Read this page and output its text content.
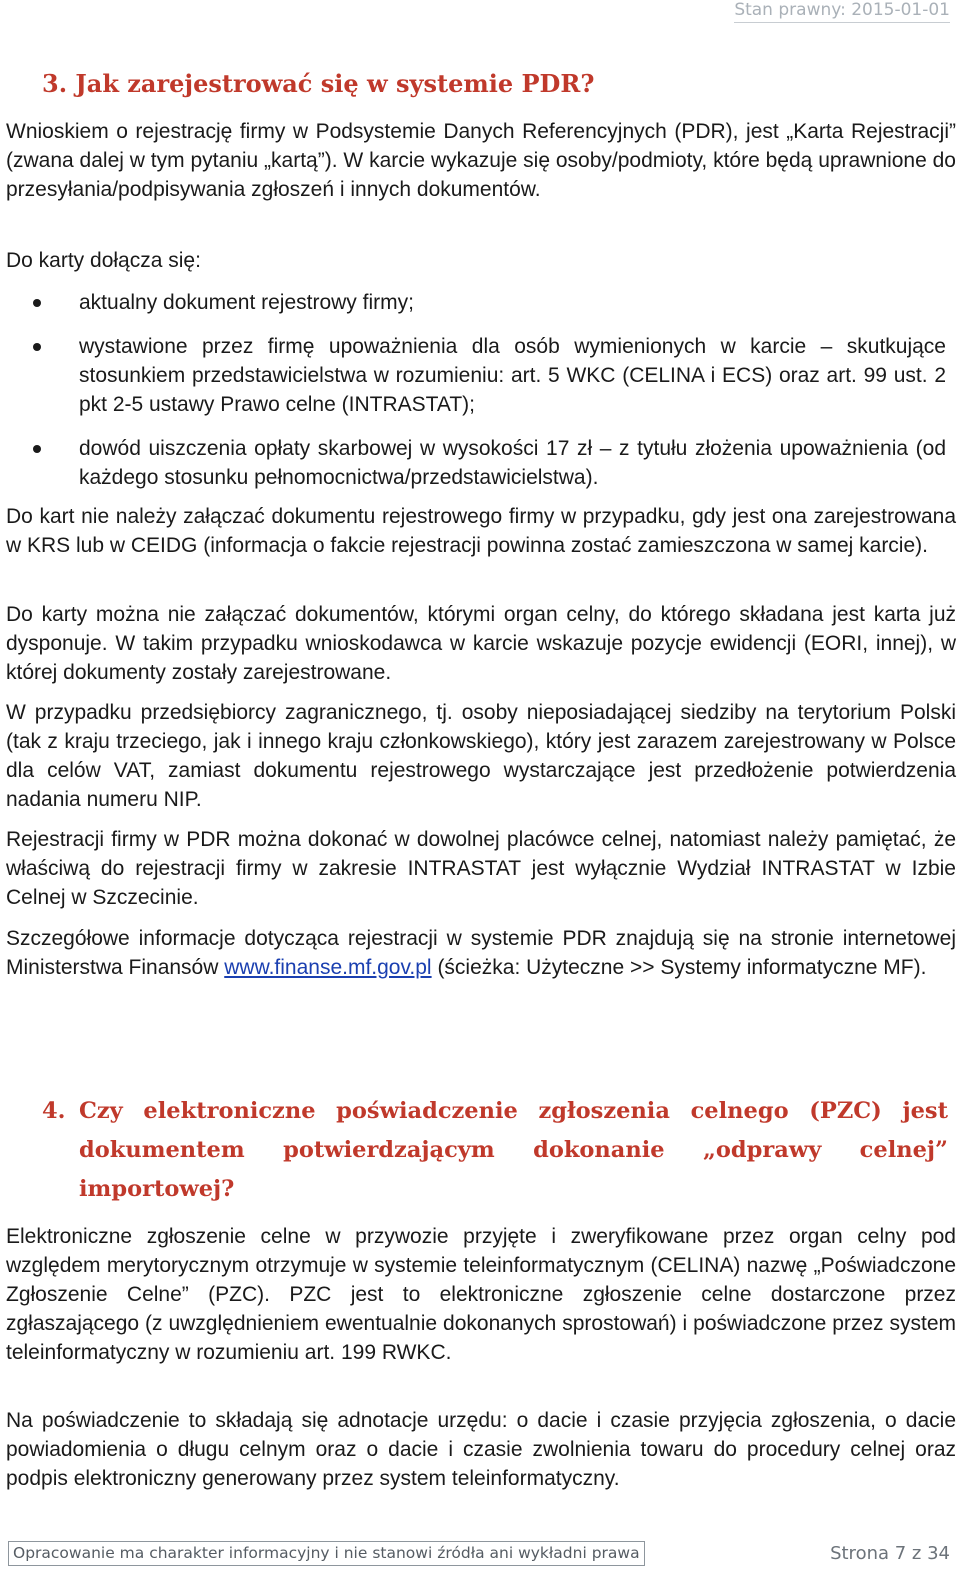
Stan prawny: 2015-01-01
3. Jak zarejestrować się w systemie PDR?

Wnioskiem o rejestrację firmy w Podsystemie Danych Referencyjnych (PDR), jest „Karta Rejestracji” (zwana dalej w tym pytaniu „kartą”). W karcie wykazuje się osoby/podmioty, które będą uprawnione do przesyłania/podpisywania zgłoszeń i innych dokumentów.

Do karty dołącza się:

aktualny dokument rejestrowy firmy;
wystawione przez firmę upoważnienia dla osób wymienionych w karcie – skutkujące stosunkiem przedstawicielstwa w rozumieniu: art. 5 WKC (CELINA i ECS) oraz art. 99 ust. 2 pkt 2-5 ustawy Prawo celne (INTRASTAT);
dowód uiszczenia opłaty skarbowej w wysokości 17 zł – z tytułu złożenia upoważnienia (od każdego stosunku pełnomocnictwa/przedstawicielstwa).

Do kart nie należy załączać dokumentu rejestrowego firmy w przypadku, gdy jest ona zarejestrowana w KRS lub w CEIDG (informacja o fakcie rejestracji powinna zostać zamieszczona w samej karcie).

Do karty można nie załączać dokumentów, którymi organ celny, do którego składana jest karta już dysponuje. W takim przypadku wnioskodawca w karcie wskazuje pozycje ewidencji (EORI, innej), w której dokumenty zostały zarejestrowane.

W przypadku przedsiębiorcy zagranicznego, tj. osoby nieposiadającej siedziby na terytorium Polski (tak z kraju trzeciego, jak i innego kraju członkowskiego), który jest zarazem zarejestrowany w Polsce dla celów VAT, zamiast dokumentu rejestrowego wystarczające jest przedłożenie potwierdzenia nadania numeru NIP.

Rejestracji firmy w PDR można dokonać w dowolnej placówce celnej, natomiast należy pamiętać, że właściwą do rejestracji firmy w zakresie INTRASTAT jest wyłącznie Wydział INTRASTAT w Izbie Celnej w Szczecinie.

Szczegółowe informacje dotycząca rejestracji w systemie PDR znajdują się na stronie internetowej Ministerstwa Finansów www.finanse.mf.gov.pl (ścieżka: Użyteczne >> Systemy informatyczne MF).

4. Czy elektroniczne poświadczenie zgłoszenia celnego (PZC) jest dokumentem potwierdzającym dokonanie „odprawy celnej” importowej?

Elektroniczne zgłoszenie celne w przywozie przyjęte i zweryfikowane przez organ celny pod względem merytorycznym otrzymuje w systemie teleinformatycznym (CELINA) nazwę „Poświadczone Zgłoszenie Celne” (PZC). PZC jest to elektroniczne zgłoszenie celne dostarczone przez zgłaszającego (z uwzględnieniem ewentualnie dokonanych sprostowań) i poświadczone przez system teleinformatyczny w rozumieniu art. 199 RWKC.

Na poświadczenie to składają się adnotacje urzędu: o dacie i czasie przyjęcia zgłoszenia, o dacie powiadomienia o długu celnym oraz o dacie i czasie zwolnienia towaru do procedury celnej oraz podpis elektroniczny generowany przez system teleinformatyczny.

Opracowanie ma charakter informacyjny i nie stanowi źródła ani wykładni prawa	Strona 7 z 34
